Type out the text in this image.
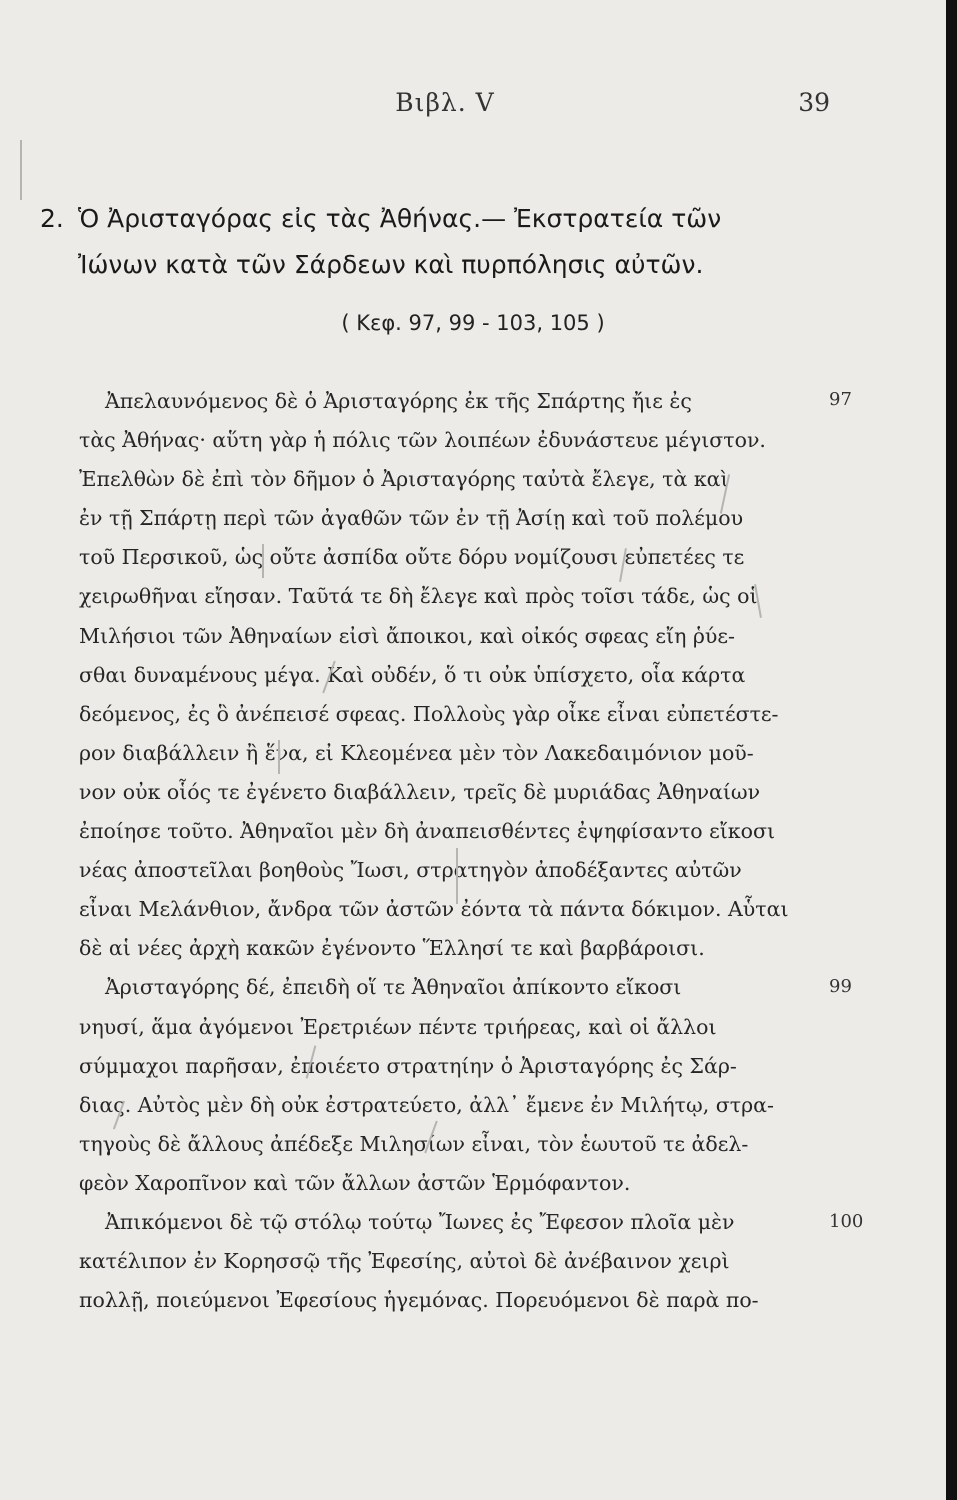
Βιβλ. V	39
2. Ὁ Ἀρισταγόρας εἰς τὰς Ἀθήνας.— Ἐκστρατεία τῶν
Ἰώνων κατὰ τῶν Σάρδεων καὶ πυρπόλησις αὐτῶν.
( Κεφ. 97, 99 - 103, 105 )
Ἀπελαυνόμενος δὲ ὁ Ἀρισταγόρης ἐκ τῆς Σπάρτης ἤιε ἐς
τὰς Ἀθήνας· αὕτη γὰρ ἡ πόλις τῶν λοιπέων ἐδυνάστευε μέγιστον.
Ἐπελθὼν δὲ ἐπὶ τὸν δῆμον ὁ Ἀρισταγόρης ταὐτὰ ἔλεγε, τὰ καὶ
ἐν τῇ Σπάρτῃ περὶ τῶν ἀγαθῶν τῶν ἐν τῇ Ἀσίῃ καὶ τοῦ πολέμου
τοῦ Περσικοῦ, ὡς οὔτε ἀσπίδα οὔτε δόρυ νομίζουσι εὐπετέες τε
χειρωθῆναι εἴησαν. Ταῦτά τε δὴ ἔλεγε καὶ πρὸς τοῖσι τάδε, ὡς οἱ
Μιλήσιοι τῶν Ἀθηναίων εἰσὶ ἄποικοι, καὶ οἰκός σφεας εἴη ῥύε-
σθαι δυναμένους μέγα. Καὶ οὐδέν, ὅ τι οὐκ ὑπίσχετο, οἷα κάρτα
δεόμενος, ἐς ὃ ἀνέπεισέ σφεας. Πολλοὺς γὰρ οἶκε εἶναι εὐπετέστε-
ρον διαβάλλειν ἢ ἕνα, εἰ Κλεομένεα μὲν τὸν Λακεδαιμόνιον μοῦ-
νον οὐκ οἷός τε ἐγένετο διαβάλλειν, τρεῖς δὲ μυριάδας Ἀθηναίων
ἐποίησε τοῦτο. Ἀθηναῖοι μὲν δὴ ἀναπεισθέντες ἐψηφίσαντο εἴκοσι
νέας ἀποστεῖλαι βοηθοὺς Ἴωσι, στρατηγὸν ἀποδέξαντες αὐτῶν
εἶναι Μελάνθιον, ἄνδρα τῶν ἀστῶν ἐόντα τὰ πάντα δόκιμον. Αὗται
δὲ αἱ νέες ἀρχὴ κακῶν ἐγένοντο Ἕλλησί τε καὶ βαρβάροισι.
Ἀρισταγόρης δέ, ἐπειδὴ οἵ τε Ἀθηναῖοι ἀπίκοντο εἴκοσι
νηυσί, ἅμα ἀγόμενοι Ἐρετριέων πέντε τριήρεας, καὶ οἱ ἄλλοι
σύμμαχοι παρῆσαν, ἐποιέετο στρατηίην ὁ Ἀρισταγόρης ἐς Σάρ-
διας. Αὐτὸς μὲν δὴ οὐκ ἐστρατεύετο, ἀλλ᾽ ἔμενε ἐν Μιλήτῳ, στρα-
τηγοὺς δὲ ἄλλους ἀπέδεξε Μιλησίων εἶναι, τὸν ἑωυτοῦ τε ἀδελ-
φεὸν Χαροπῖνον καὶ τῶν ἄλλων ἀστῶν Ἑρμόφαντον.
Ἀπικόμενοι δὲ τῷ στόλῳ τούτῳ Ἴωνες ἐς Ἔφεσον πλοῖα μὲν
κατέλιπον ἐν Κορησσῷ τῆς Ἐφεσίης, αὐτοὶ δὲ ἀνέβαινον χειρὶ
πολλῇ, ποιεύμενοι Ἐφεσίους ἡγεμόνας. Πορευόμενοι δὲ παρὰ πο-
97
99
100
